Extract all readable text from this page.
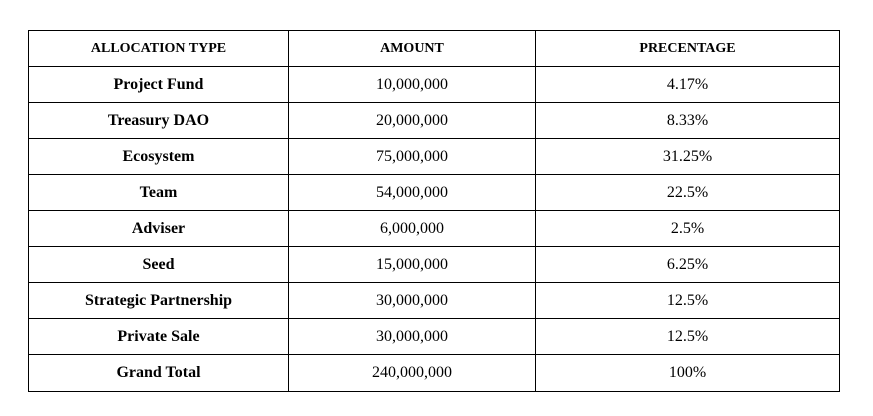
ALLOCATION TYPE	AMOUNT	PRECENTAGE
Project Fund	10,000,000	4.17%
Treasury DAO	20,000,000	8.33%
Ecosystem	75,000,000	31.25%
Team	54,000,000	22.5%
Adviser	6,000,000	2.5%
Seed	15,000,000	6.25%
Strategic Partnership	30,000,000	12.5%
Private Sale	30,000,000	12.5%
Grand Total	240,000,000	100%
